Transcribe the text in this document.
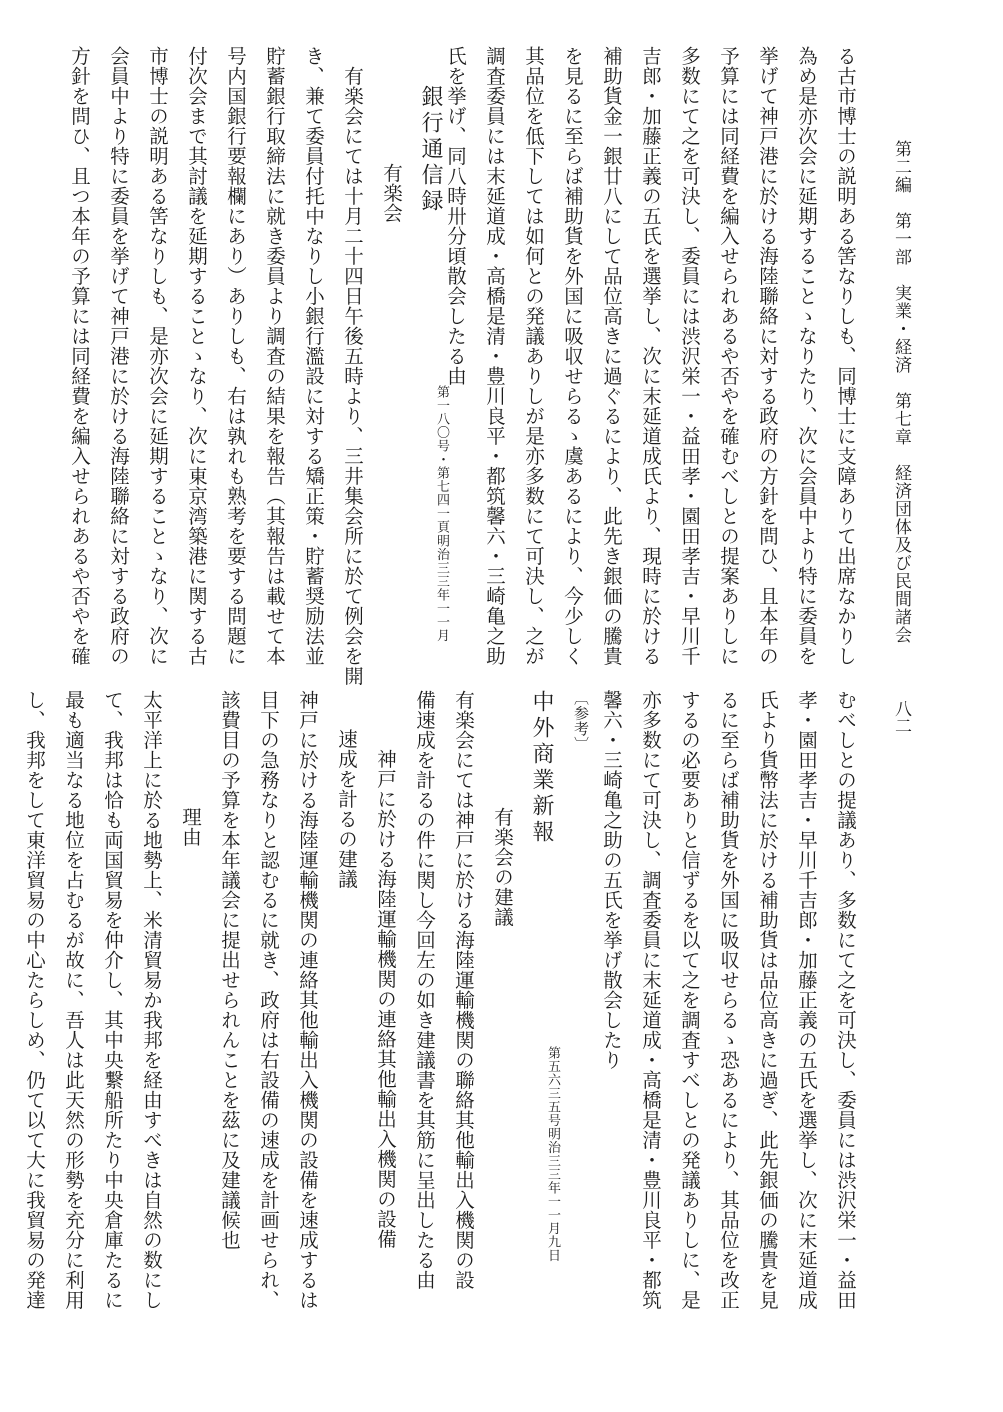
第二編　第一部　実業・経済　第七章　経済団体及び民間諸会
八二
る古市博士の説明ある筈なりしも、同博士に支障ありて出席なかりし
為め是亦次会に延期することゝなりたり、次に会員中より特に委員を
挙げて神戸港に於ける海陸聯絡に対する政府の方針を問ひ、且本年の
予算には同経費を編入せられあるや否やを確むべしとの提案ありしに
多数にて之を可決し、委員には渋沢栄一・益田孝・園田孝吉・早川千
吉郎・加藤正義の五氏を選挙し、次に末延道成氏より、現時に於ける
補助貨金一銀廿八にして品位高きに過ぐるにより、此先き銀価の騰貴
を見るに至らば補助貨を外国に吸収せらるゝ虞あるにより、今少しく
其品位を低下しては如何との発議ありしが是亦多数にて可決し、之が
調査委員には末延道成・高橋是清・豊川良平・都筑馨六・三崎亀之助
氏を挙げ、同八時卅分頃散会したる由
銀行通信録
第一八〇号・第七四一頁
明治三三年一一月
有楽会
有楽会にては十月二十四日午後五時より、三井集会所に於て例会を開
き、兼て委員付托中なりし小銀行濫設に対する矯正策・貯蓄奨励法並
貯蓄銀行取締法に就き委員より調査の結果を報告（其報告は載せて本
号内国銀行要報欄にあり）ありしも、右は孰れも熟考を要する問題に
付次会まで其討議を延期することゝなり、次に東京湾築港に関する古
市博士の説明ある筈なりしも、是亦次会に延期することゝなり、次に
会員中より特に委員を挙げて神戸港に於ける海陸聯絡に対する政府の
方針を問ひ、且つ本年の予算には同経費を編入せられあるや否やを確
むべしとの提議あり、多数にて之を可決し、委員には渋沢栄一・益田
孝・園田孝吉・早川千吉郎・加藤正義の五氏を選挙し、次に末延道成
氏より貨幣法に於ける補助貨は品位高きに過ぎ、此先銀価の騰貴を見
るに至らば補助貨を外国に吸収せらるゝ恐あるにより、其品位を改正
するの必要ありと信ずるを以て之を調査すべしとの発議ありしに、是
亦多数にて可決し、調査委員に末延道成・高橋是清・豊川良平・都筑
馨六・三崎亀之助の五氏を挙げ散会したり
〔参考〕
中外商業新報
第五六三五号
明治三三年一一月九日
有楽会の建議
有楽会にては神戸に於ける海陸運輸機関の聯絡其他輸出入機関の設
備速成を計るの件に関し今回左の如き建議書を其筋に呈出したる由
神戸に於ける海陸運輸機関の連絡其他輸出入機関の設備
速成を計るの建議
神戸に於ける海陸運輸機関の連絡其他輸出入機関の設備を速成するは
目下の急務なりと認むるに就き、政府は右設備の速成を計画せられ、
該費目の予算を本年議会に提出せられんことを茲に及建議候也
理由
太平洋上に於る地勢上、米清貿易か我邦を経由すべきは自然の数にし
て、我邦は恰も両国貿易を仲介し、其中央繋船所たり中央倉庫たるに
最も適当なる地位を占むるが故に、吾人は此天然の形勢を充分に利用
し、我邦をして東洋貿易の中心たらしめ、仍て以て大に我貿易の発達
